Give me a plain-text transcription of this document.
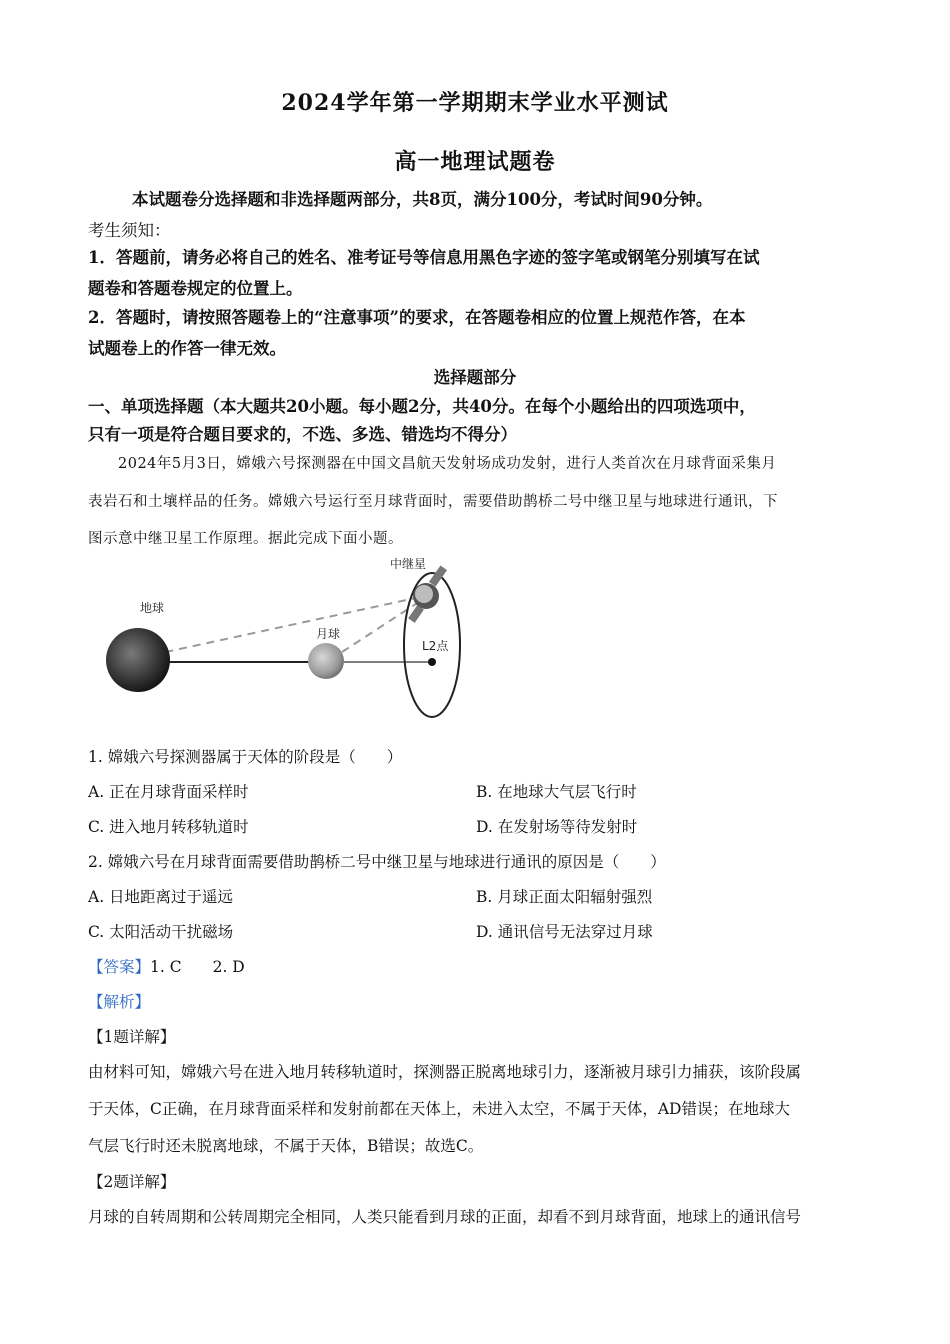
2024学年第一学期期末学业水平测试
高一地理试题卷
本试题卷分选择题和非选择题两部分，共8页，满分100分，考试时间90分钟。
考生须知：
1．答题前，请务必将自己的姓名、准考证号等信息用黑色字迹的签字笔或钢笔分别填写在试
题卷和答题卷规定的位置上。
2．答题时，请按照答题卷上的“注意事项”的要求，在答题卷相应的位置上规范作答，在本
试题卷上的作答一律无效。
选择题部分
一、单项选择题（本大题共20小题。每小题2分，共40分。在每个小题给出的四项选项中，
只有一项是符合题目要求的，不选、多选、错选均不得分）
2024年5月3日，嫦娥六号探测器在中国文昌航天发射场成功发射，进行人类首次在月球背面采集月
表岩石和土壤样品的任务。嫦娥六号运行至月球背面时，需要借助鹊桥二号中继卫星与地球进行通讯，下
图示意中继卫星工作原理。据此完成下面小题。
地球
月球
中继星
L2点
1. 嫦娥六号探测器属于天体的阶段是（　　）
A. 正在月球背面采样时	B. 在地球大气层飞行时
C. 进入地月转移轨道时	D. 在发射场等待发射时
2. 嫦娥六号在月球背面需要借助鹊桥二号中继卫星与地球进行通讯的原因是（　　）
A. 日地距离过于遥远	B. 月球正面太阳辐射强烈
C. 太阳活动干扰磁场	D. 通讯信号无法穿过月球
【答案】1. C　　2. D
【解析】
【1题详解】
由材料可知，嫦娥六号在进入地月转移轨道时，探测器正脱离地球引力，逐渐被月球引力捕获，该阶段属
于天体，C正确，在月球背面采样和发射前都在天体上，未进入太空，不属于天体，AD错误；在地球大
气层飞行时还未脱离地球，不属于天体，B错误；故选C。
【2题详解】
月球的自转周期和公转周期完全相同，人类只能看到月球的正面，却看不到月球背面，地球上的通讯信号
